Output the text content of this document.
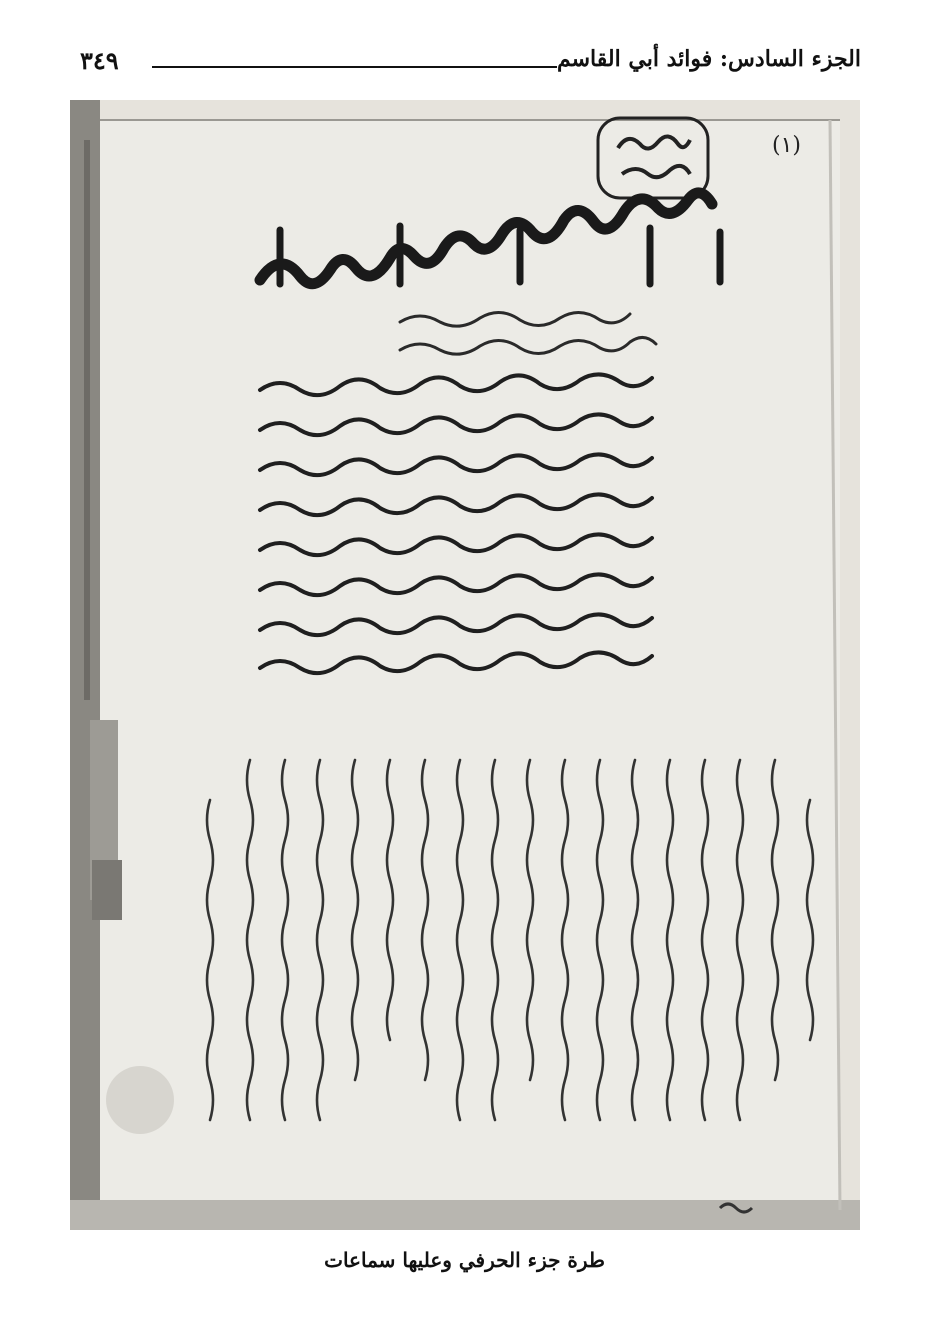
٣٤٩	الجزء السادس: فوائد أبي القاسم
(١)
طرة جزء الحرفي وعليها سماعات
